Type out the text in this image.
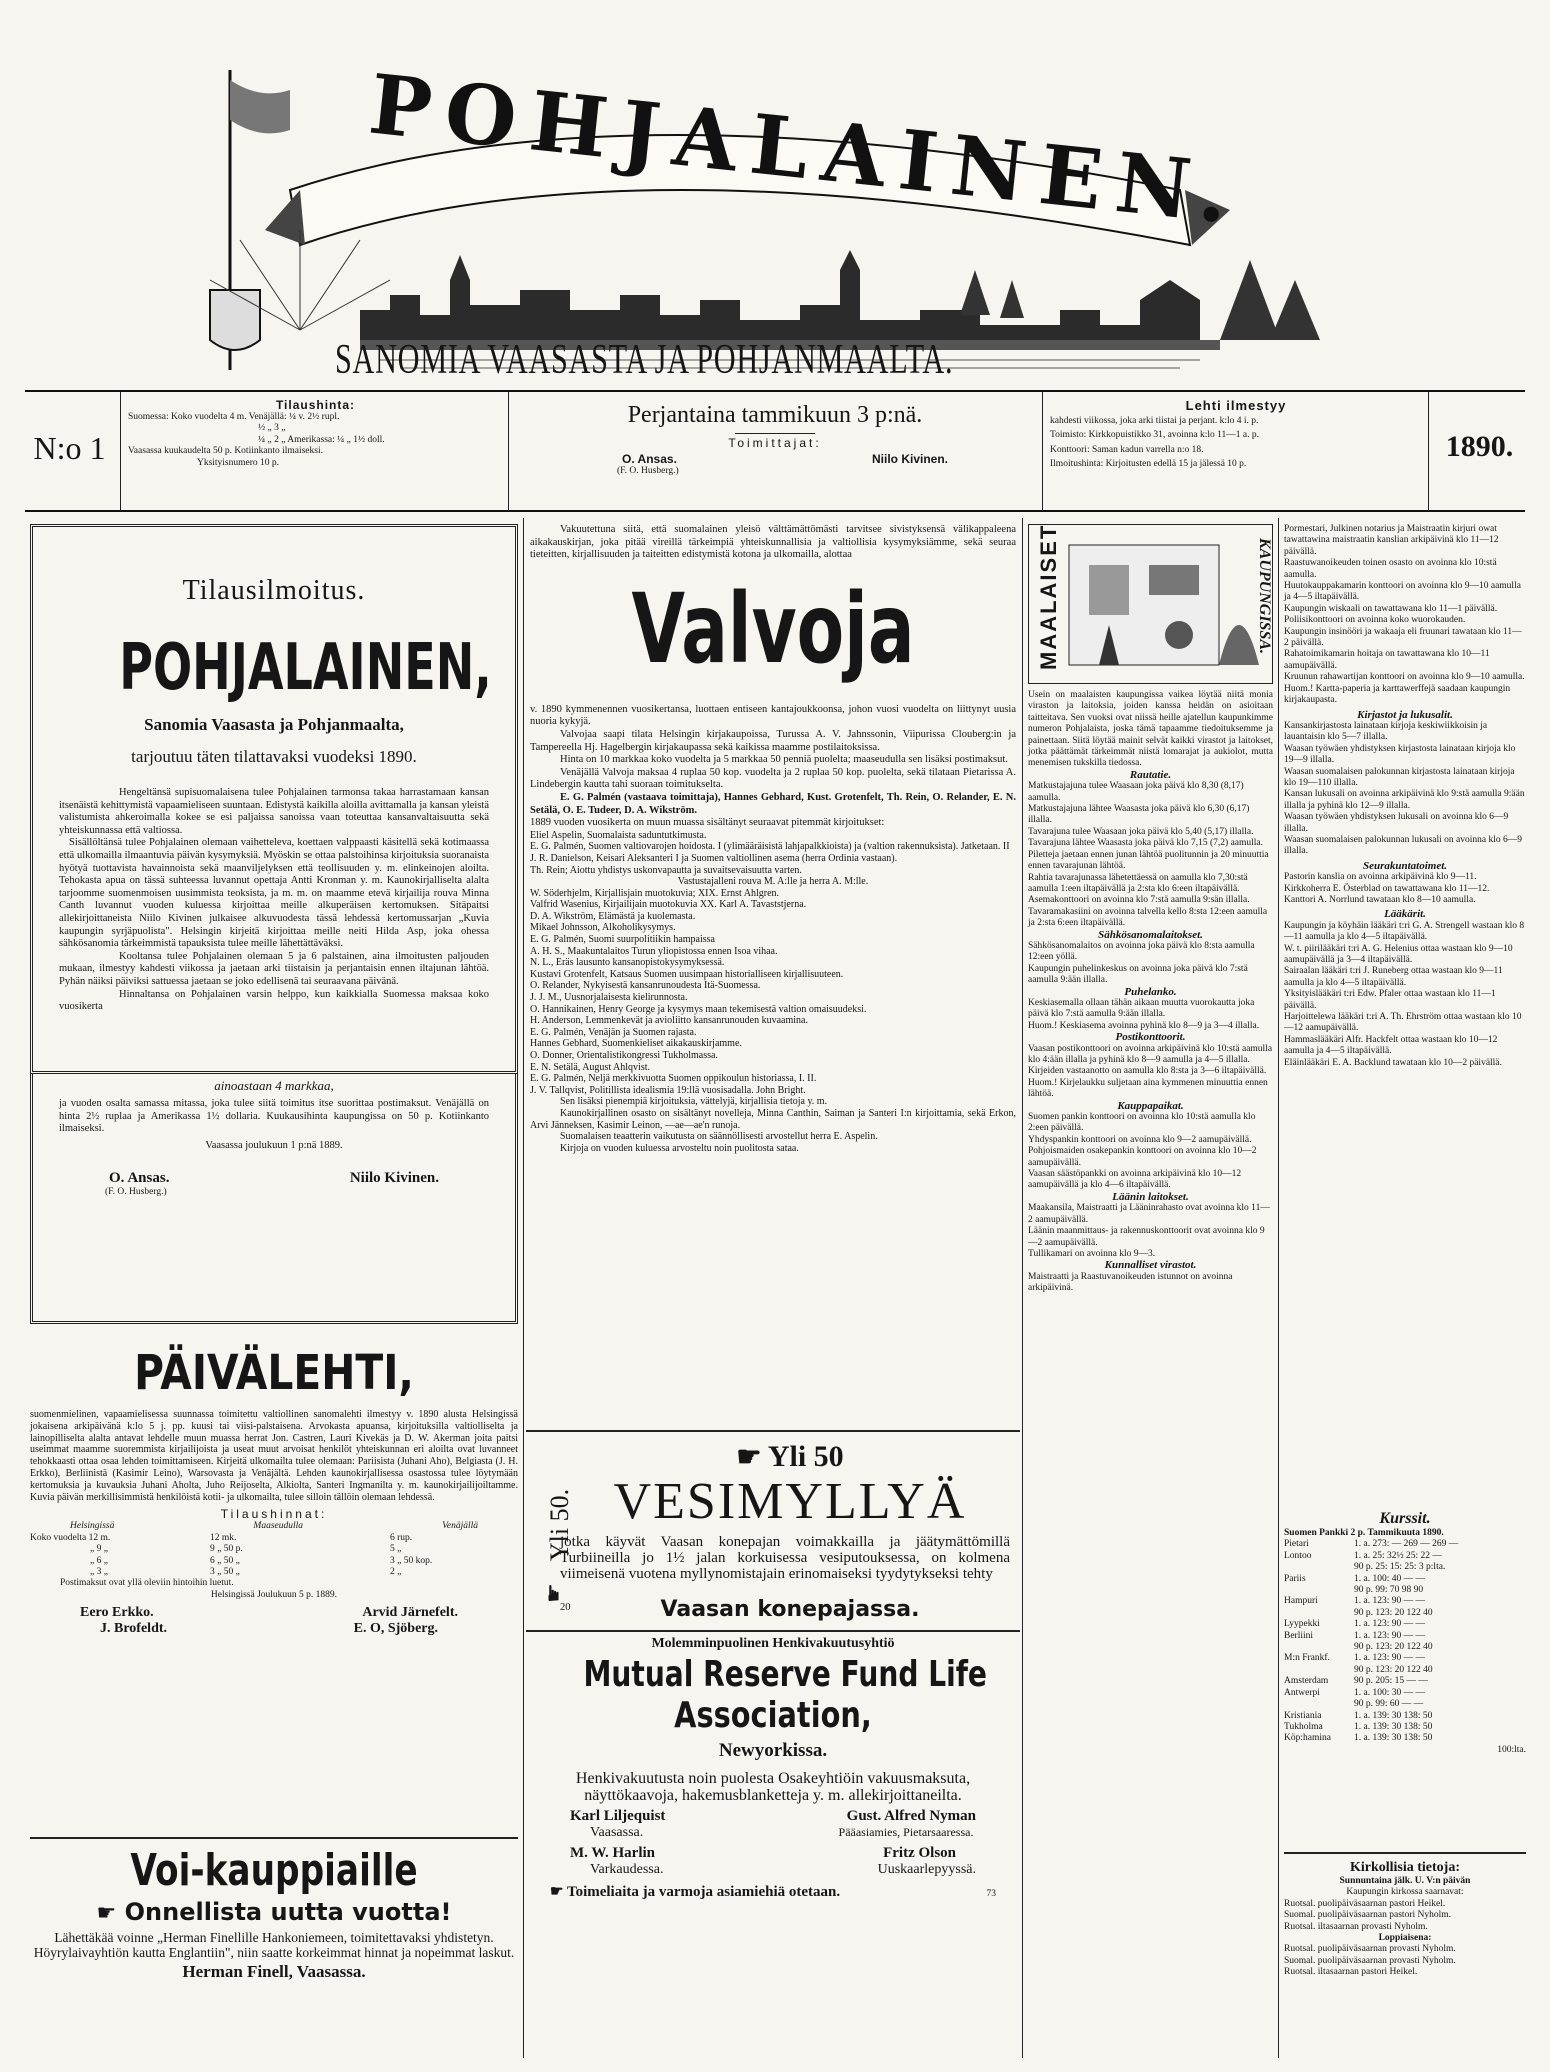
POHJALAINEN.
SANOMIA VAASASTA JA POHJANMAALTA.
N:o 1
Tilaushinta:
Suomessa: Koko vuodelta 4 m. Venäjällä: ¼ v. 2½ rupl.
½ „ 3 „
¼ „ 2 „ Amerikassa: ¼ „ 1½ doll.
Vaasassa kuukaudelta 50 p. Kotiinkanto ilmaiseksi.
Yksityisnumero 10 p.
Perjantaina tammikuun 3 p:nä.
Toimittajat:
O. Ansas.	Niilo Kivinen.
(F. O. Husberg.)
Lehti ilmestyy
kahdesti viikossa, joka arki tiistai ja perjant. k:lo 4 i. p.
Toimisto: Kirkkopuistikko 31, avoinna k:lo 11—1 a. p.
Konttoori: Saman kadun varrella n:o 18.
Ilmoitushinta: Kirjoitusten edellä 15 ja jälessä 10 p.
1890.
Tilausilmoitus.
POHJALAINEN,
Sanomia Vaasasta ja Pohjanmaalta,
tarjoutuu täten tilattavaksi vuodeksi 1890.

Hengeltänsä supisuomalaisena tulee Pohjalainen tarmonsa takaa harrastamaan kansan itsenäistä kehittymistä vapaamieliseen suuntaan. Edistystä kaikilla aloilla avittamalla ja kansan yleistä valistumista ahkeroimalla kokee se esi paljaissa sanoissa vaan toteuttaa kansanvaltaisuutta sekä yhteiskunnassa että valtiossa.

Sisällöltänsä tulee Pohjalainen olemaan vaihetteleva, koettaen valppaasti käsitellä sekä kotimaassa että ulkomailla ilmaantuvia päivän kysymyksiä. Myöskin se ottaa palstoihinsa kirjoituksia suoranaista hyötyä tuottavista havainnoista sekä maanviljelyksen että teollisuuden y. m. elinkeinojen aloilta. Tehokasta apua on tässä suhteessa luvannut opettaja Antti Kronman y. m. Kaunokirjalliselta alalta tarjoomme suomenmoisen uusimmista teoksista, ja m. m. on maamme etevä kirjailija rouva Minna Canth luvannut vuoden kuluessa kirjoittaa meille alkuperäisen kertomuksen. Sitäpaitsi allekirjoittaneista Niilo Kivinen julkaisee alkuvuodesta tässä lehdessä kertomussarjan „Kuvia kaupungin syrjäpuolista". Helsingin kirjeitä kirjoittaa meille neiti Hilda Asp, joka ohessa sähkösanomia tärkeimmistä tapauksista tulee meille lähettättäväksi.

Kooltansa tulee Pohjalainen olemaan 5 ja 6 palstainen, aina ilmoitusten paljouden mukaan, ilmestyy kahdesti viikossa ja jaetaan arki tiistaisin ja perjantaisin ennen iltajunan lähtöä. Pyhän näiksi päiviksi sattuessa jaetaan se joko edellisenä tai seuraavana päivänä.

Hinnaltansa on Pohjalainen varsin helppo, kun kaikkialla Suomessa maksaa koko vuosikerta

ainoastaan 4 markkaa,

ja vuoden osalta samassa mitassa, joka tulee siitä toimitus itse suorittaa postimaksut. Venäjällä on hinta 2½ ruplaa ja Amerikassa 1½ dollaria. Kuukausihinta kaupungissa on 50 p. Kotiinkanto ilmaiseksi.

Vaasassa joulukuun 1 p:nä 1889.
O. Ansas.	Niilo Kivinen.
(F. O. Husberg.)
PÄIVÄLEHTI,

suomenmielinen, vapaamielisessa suunnassa toimitettu valtiollinen sanomalehti ilmestyy v. 1890 alusta Helsingissä jokaisena arkipäivänä k:lo 5 j. pp. kuusi tai viisi-palstaisena. Arvokasta apuansa, kirjoituksilla valtiolliselta ja lainopilliselta alalta antavat lehdelle muun muassa herrat Jon. Castren, Lauri Kivekäs ja D. W. Akerman joita paitsi useimmat maamme suoremmista kirjailijoista ja useat muut arvoisat henkilöt yhteiskunnan eri aloilta ovat luvanneet tehokkaasti ottaa osaa lehden toimittamiseen. Kirjeitä ulkomailta tulee olemaan: Pariisista (Juhani Aho), Belgiasta (J. H. Erkko), Berliinistä (Kasimir Leino), Warsovasta ja Venäjältä. Lehden kaunokirjallisessa osastossa tulee löytymään kertomuksia ja kuvauksia Juhani Aholta, Juho Reijoselta, Alkiolta, Santeri Ingmanilta y. m. kaunokirjailijoiltamme. Kuvia päivän merkillisimmistä henkilöistä kotii- ja ulkomailta, tulee silloin tällöin olemaan lehdessä.

Tilaushinnat:
Helsingissä	Maaseudulla	Venäjällä
Koko vuodelta 12 m.	12 mk.	6 rup.
„ 9 „	9 „ 50 p.	5 „
„ 6 „	6 „ 50 „	3 „ 50 kop.
„ 3 „	3 „ 50 „	2 „
Postimaksut ovat yllä oleviin hintoihin luetut.
Helsingissä Joulukuun 5 p. 1889.
Eero Erkko.	Arvid Järnefelt.
J. Brofeldt.	E. O, Sjöberg.
Voi-kauppiaille
☛ Onnellista uutta vuotta!

Lähettäkää voinne „Herman Finellille Hankoniemeen, toimitettavaksi yhdistetyn. Höyrylaivayhtiön kautta Englantiin", niin saatte korkeimmat hinnat ja nopeimmat laskut.

Herman Finell, Vaasassa.

Vakuutettuna siitä, että suomalainen yleisö välttämättömästi tarvitsee sivistyksensä välikappaleena aikakauskirjan, joka pitää vireillä tärkeimpiä yhteiskunnallisia ja valtiollisia kysymyksiämme, sekä seuraa tieteitten, kirjallisuuden ja taiteitten edistymistä kotona ja ulkomailla, alottaa

Valvoja

v. 1890 kymmenennen vuosikertansa, luottaen entiseen kantajoukkoonsa, johon vuosi vuodelta on liittynyt uusia nuoria kykyjä.

Valvojaa saapi tilata Helsingin kirjakaupoissa, Turussa A. V. Jahnssonin, Viipurissa Clouberg:in ja Tampereella Hj. Hagelbergin kirjakaupassa sekä kaikissa maamme postilaitoksissa.

Hinta on 10 markkaa koko vuodelta ja 5 markkaa 50 penniä puolelta; maaseudulla sen lisäksi postimaksut.

Venäjällä Valvoja maksaa 4 ruplaa 50 kop. vuodelta ja 2 ruplaa 50 kop. puolelta, sekä tilataan Pietarissa A. Lindebergin kautta tahi suoraan toimitukselta.

E. G. Palmén (vastaava toimittaja), Hannes Gebhard, Kust. Grotenfelt, Th. Rein, O. Relander, E. N. Setälä, O. E. Tudeer, D. A. Wikström.

1889 vuoden vuosikerta on muun muassa sisältänyt seuraavat pitemmät kirjoitukset:

Eliel Aspelin, Suomalaista saduntutkimusta.

E. G. Palmén, Suomen valtiovarojen hoidosta. I (ylimääräisistä lahjapalkkioista) ja (valtion rakennuksista). Jatketaan. II

J. R. Danielson, Keisari Aleksanteri I ja Suomen valtiollinen asema (herra Ordinia vastaan).

Th. Rein; Aiottu yhdistys uskonvapautta ja suvaitsevaisuutta varten.

Vastustajalleni rouva M. A:lle ja herra A. M:lle.

W. Söderhjelm, Kirjallisjain muotokuvia; XIX. Ernst Ahlgren.

Valfrid Wasenius, Kirjailijain muotokuvia XX. Karl A. Tavaststjerna.

D. A. Wikström, Elämästä ja kuolemasta.

Mikael Johnsson, Alkoholikysymys.

E. G. Palmén, Suomi suurpolitiikin hampaissa

A. H. S., Maakuntalaitos Turun yliopistossa ennen Isoa vihaa.

N. L., Eräs lausunto kansanopistokysymyksessä.

Kustavi Grotenfelt, Katsaus Suomen uusimpaan historialliseen kirjallisuuteen.

O. Relander, Nykyisestä kansanrunoudesta Itä-Suomessa.

J. J. M., Uusnorjalaisesta kielirunnosta.

O. Hannikainen, Henry George ja kysymys maan tekemisestä valtion omaisuudeksi.

H. Anderson, Lemmenkevät ja avioliitto kansanrunouden kuvaamina.

E. G. Palmén, Venäjän ja Suomen rajasta.

Hannes Gebhard, Suomenkieliset aikakauskirjamme.

O. Donner, Orientalistikongressi Tukholmassa.

E. N. Setälä, August Ahlqvist.

E. G. Palmén, Neljä merkkivuotta Suomen oppikoulun historiassa, I. II.

J. V. Tallqvist, Politillista idealismia 19:llä vuosisadalla. John Bright.

Sen lisäksi pienempiä kirjoituksia, vättelyjä, kirjallisia tietoja y. m.

Kaunokirjallinen osasto on sisältänyt novelleja, Minna Canthin, Saiman ja Santeri I:n kirjoittamia, sekä Erkon, Arvi Jänneksen, Kasimir Leinon, —ae—ae'n runoja.

Suomalaisen teaatterin vaikutusta on säännöllisesti arvostellut herra E. Aspelin.

Kirjoja on vuoden kuluessa arvosteltu noin puolitosta sataa.

Yli 50.
☛
☛ Yli 50
VESIMYLLYÄ

jotka käyvät Vaasan konepajan voimakkailla ja jäätymättömillä Turbiineilla jo 1½ jalan korkuisessa vesiputouksessa, on kolmena viimeisenä vuotena myllynomistajain erinomaiseksi tyydytykseksi tehty

20	Vaasan konepajassa.
Molemminpuolinen Henkivakuutusyhtiö
Mutual Reserve Fund Life
Association,
Newyorkissa.

Henkivakuutusta noin puolesta Osakeyhtiöin vakuusmaksuta, näyttökaavoja, hakemusblanketteja y. m. allekirjoittaneilta.

Karl Liljequist	Gust. Alfred Nyman
Vaasassa.	Pääasiamies, Pietarsaaressa.
M. W. Harlin	Fritz Olson
Varkaudessa.	Uuskaarlepyyssä.
☛ Toimeliaita ja varmoja asiamiehiä otetaan.	73
MAALAISET	KAUPUNGISSA.

Usein on maalaisten kaupungissa vaikea löytää niitä monia viraston ja laitoksia, joiden kanssa heidän on asioitaan taitteitava. Sen vuoksi ovat niissä heille ajatellun kaupunkimme numeron Pohjalaista, joska tämä tapaamme tiedoituksemme ja painettaan. Siitä löytää mainit selvät kaikki virastot ja laitokset, jotka päättämät tärkeimmät niistä lomarajat ja aukiolot, mutta menemisen tukskilla tiedossa.

Rautatie.

Matkustajajuna tulee Waasaan joka päivä klo 8,30 (8,17) aamulla.

Matkustajajuna lähtee Waasasta joka päivä klo 6,30 (6,17) illalla.

Tavarajuna tulee Waasaan joka päivä klo 5,40 (5,17) illalla.

Tavarajuna lähtee Waasasta joka päivä klo 7,15 (7,2) aamulla.

Piletteja jaetaan ennen junan lähtöä puolitunnin ja 20 minuuttia ennen tavarajunan lähtöä.

Rahtia tavarajunassa lähetettäessä on aamulla klo 7,30:stä aamulla 1:een iltapäivällä ja 2:sta klo 6:een iltapäivällä.

Asemakonttoori on avoinna klo 7:stä aamulla 9:sän illalla.

Tavaramakasiini on avoinna talvella kello 8:sta 12:een aamulla ja 2:sta 6:een iltapäivällä.

Sähkösanomalaitokset.

Sähkösanomalaitos on avoinna joka päivä klo 8:sta aamulla 12:een yöllä.

Kaupungin puhelinkeskus on avoinna joka päivä klo 7:stä aamulla 9:ään illalla.

Puhelanko.

Keskiasemalla ollaan tähän aikaan muutta vuorokautta joka päivä klo 7:stä aamulla 9:ään illalla.

Huom.! Keskiasema avoinna pyhinä klo 8—9 ja 3—4 illalla.

Postikonttoorit.

Vaasan postikonttoori on avoinna arkipäivinä klo 10:stä aamulla klo 4:ään illalla ja pyhinä klo 8—9 aamulla ja 4—5 illalla.

Kirjeiden vastaanotto on aamulla klo 8:sta ja 3—6 iltapäivällä.

Huom.! Kirjelaukku suljetaan aina kymmenen minuuttia ennen lähtöä.

Kauppapaikat.

Suomen pankin konttoori on avoinna klo 10:stä aamulla klo 2:een päivällä.

Yhdyspankin konttoori on avoinna klo 9—2 aamupäivällä.

Pohjoismaiden osakepankin konttoori on avoinna klo 10—2 aamupäivällä.

Vaasan säästöpankki on avoinna arkipäivinä klo 10—12 aamupäivällä ja klo 4—6 iltapäivällä.

Läänin laitokset.

Maakansila, Maistraatti ja Lääninrahasto ovat avoinna klo 11—2 aamupäivällä.

Läänin maanmittaus- ja rakennuskonttoorit ovat avoinna klo 9—2 aamupäivällä.

Tullikamari on avoinna klo 9—3.

Kunnalliset virastot.

Maistraatti ja Raastuvanoikeuden istunnot on avoinna arkipäivinä.

Pormestari, Julkinen notarius ja Maistraatin kirjuri owat tawattawina maistraatin kanslian arkipäivinä klo 11—12 päivällä.

Raastuwanoikeuden toinen osasto on avoinna klo 10:stä aamulla.

Huutokauppakamarin konttoori on avoinna klo 9—10 aamulla ja 4—5 iltapäivällä.

Kaupungin wiskaali on tawattawana klo 11—1 päivällä.

Poliisikonttoori on avoinna koko wuorokauden.

Kaupungin insinööri ja wakaaja eli fruunari tawataan klo 11—2 päivällä.

Rahatoimikamarin hoitaja on tawattawana klo 10—11 aamupäivällä.

Kruunun rahawartijan konttoori on avoinna klo 9—10 aamulla.

Huom.! Kartta-paperia ja karttawerffejä saadaan kaupungin kirjakaupasta.

Kirjastot ja lukusalit.

Kansankirjastosta lainataan kirjoja keskiwiikkoisin ja lauantaisin klo 5—7 illalla.

Waasan työwäen yhdistyksen kirjastosta lainataan kirjoja klo 19—9 illalla.

Waasan suomalaisen palokunnan kirjastosta lainataan kirjoja klo 19—110 illalla.

Kansan lukusali on avoinna arkipäivinä klo 9:stä aamulla 9:ään illalla ja pyhinä klo 12—9 illalla.

Waasan työwäen yhdistyksen lukusali on avoinna klo 6—9 illalla.

Waasan suomalaisen palokunnan lukusali on avoinna klo 6—9 illalla.

Seurakuntatoimet.

Pastorin kanslia on avoinna arkipäivinä klo 9—11.

Kirkkoherra E. Österblad on tawattawana klo 11—12.

Kanttori A. Norrlund tawataan klo 8—10 aamulla.

Lääkärit.

Kaupungin ja köyhäin lääkäri t:ri G. A. Strengell wastaan klo 8—11 aamulla ja klo 4—5 iltapäivällä.

W. t. piirilääkäri t:ri A. G. Helenius ottaa wastaan klo 9—10 aamupäivällä ja 3—4 iltapäivällä.

Sairaalan lääkäri t:ri J. Runeberg ottaa wastaan klo 9—11 aamulla ja klo 4—5 iltapäivällä.

Yksityislääkäri t:ri Edw. Pfaler ottaa wastaan klo 11—1 päivällä.

Harjoittelewa lääkäri t:ri A. Th. Ehrström ottaa wastaan klo 10—12 aamupäivällä.

Hammaslääkäri Alfr. Hackfelt ottaa wastaan klo 10—12 aamulla ja 4—5 iltapäivällä.

Eläinlääkäri E. A. Backlund tawataan klo 10—2 päivällä.

Kurssit.
Suomen Pankki 2 p. Tammikuuta 1890.
Pietari	1. a. 273: — 269 — 269 —
Lontoo	1. a. 25: 32½ 25: 22 —
90 p. 25: 15: 25: 3 p:lta.
Pariis	1. a. 100: 40 — —
90 p. 99: 70 98 90
Hampuri	1. a. 123: 90 — —
90 p. 123: 20 122 40
Lyypekki	1. a. 123: 90 — —
Berliini	1. a. 123: 90 — —
90 p. 123: 20 122 40
M:n Frankf.	1. a. 123: 90 — —
90 p. 123: 20 122 40
Amsterdam	90 p. 205: 15 — —
Antwerpi	1. a. 100: 30 — —
90 p. 99: 60 — —
Kristiania	1. a. 139: 30 138: 50
Tukholma	1. a. 139: 30 138: 50
Köp:hamina	1. a. 139: 30 138: 50
100:lta.
Kirkollisia tietoja:
Sunnuntaina jälk. U. V:n päivän

Kaupungin kirkossa saarnavat:

Ruotsal. puolipäiväsaarnan pastori Heikel.

Suomal. puolipäiväsaarnan pastori Nyholm.

Ruotsal. iltasaarnan provasti Nyholm.

Loppiaisena:

Ruotsal. puolipäiväsaarnan provasti Nyholm.

Suomal. puolipäiväsaarnan provasti Nyholm.

Ruotsal. iltasaarnan pastori Heikel.
